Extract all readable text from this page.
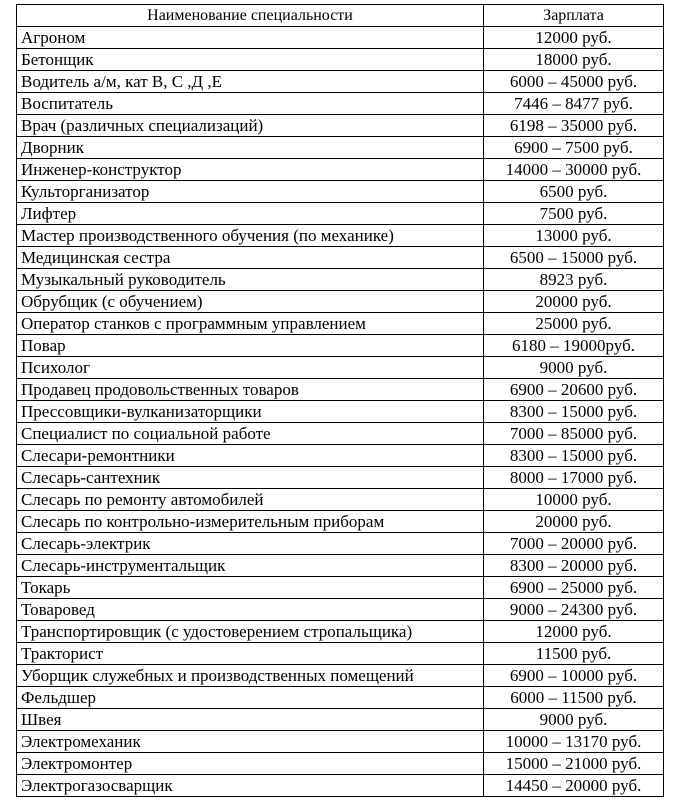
Наименование специальности	Зарплата
Агроном	12000 руб.
Бетонщик	18000 руб.
Водитель а/м, кат В, С ,Д ,Е	6000 – 45000 руб.
Воспитатель	7446 – 8477 руб.
Врач (различных специализаций)	6198 – 35000 руб.
Дворник	6900 – 7500 руб.
Инженер-конструктор	14000 – 30000 руб.
Культорганизатор	6500 руб.
Лифтер	7500 руб.
Мастер производственного обучения (по механике)	13000 руб.
Медицинская сестра	6500 – 15000 руб.
Музыкальный руководитель	8923 руб.
Обрубщик (с обучением)	20000 руб.
Оператор станков с программным управлением	25000 руб.
Повар	6180 – 19000руб.
Психолог	9000 руб.
Продавец продовольственных товаров	6900 – 20600 руб.
Прессовщики-вулканизаторщики	8300 – 15000 руб.
Специалист по социальной работе	7000 – 85000 руб.
Слесари-ремонтники	8300 – 15000 руб.
Слесарь-сантехник	8000 – 17000 руб.
Слесарь по ремонту автомобилей	10000 руб.
Слесарь по контрольно-измерительным приборам	20000 руб.
Слесарь-электрик	7000 – 20000 руб.
Слесарь-инструментальщик	8300 – 20000 руб.
Токарь	6900 – 25000 руб.
Товаровед	9000 – 24300 руб.
Транспортировщик (с удостоверением стропальщика)	12000 руб.
Тракторист	11500 руб.
Уборщик служебных и производственных помещений	6900 – 10000 руб.
Фельдшер	6000 – 11500 руб.
Швея	9000 руб.
Электромеханик	10000 – 13170 руб.
Электромонтер	15000 – 21000 руб.
Электрогазосварщик	14450 – 20000 руб.
